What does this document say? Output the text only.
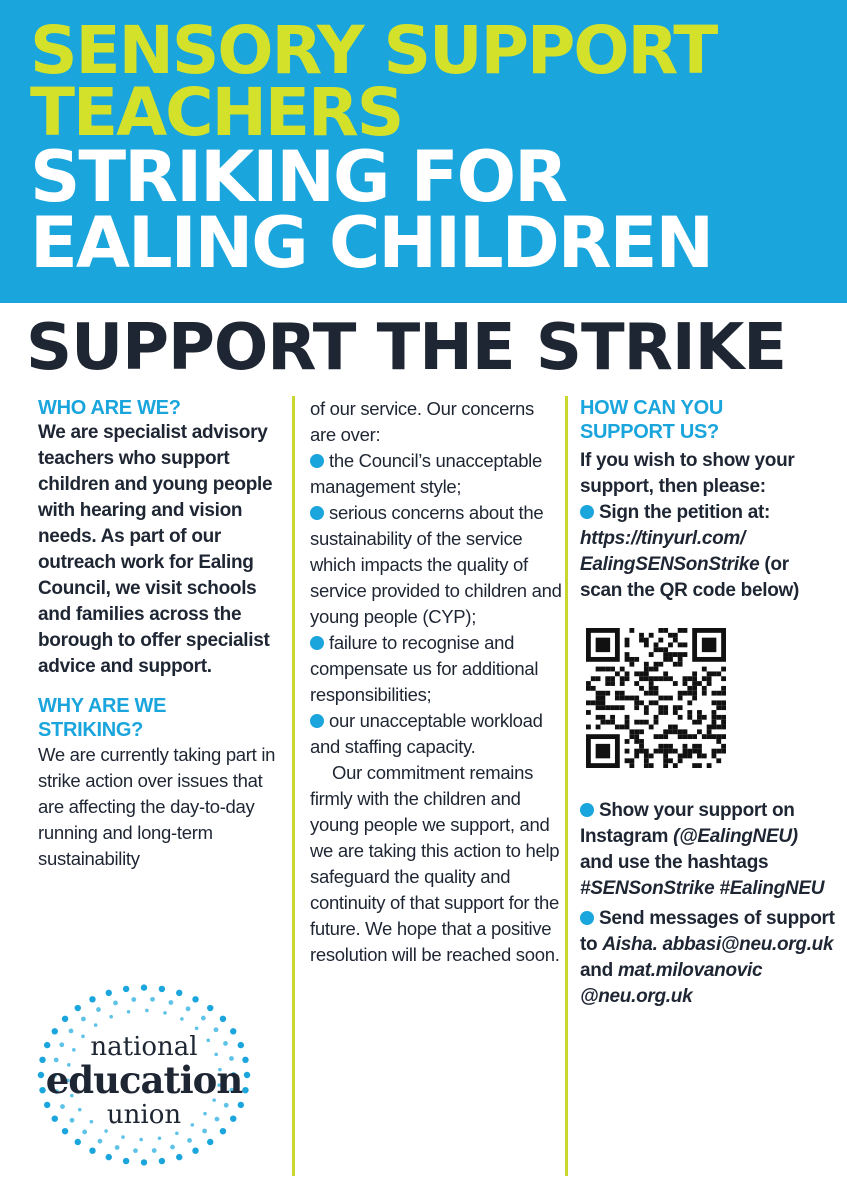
SENSORY SUPPORT
TEACHERS
STRIKING FOR
EALING CHILDREN
SUPPORT THE STRIKE
WHO ARE WE?

We are specialist advisory teachers who support children and young people with hearing and vision needs. As part of our outreach work for Ealing Council, we visit schools and families across the borough to offer specialist advice and support.

WHY ARE WE STRIKING?

We are currently taking part in strike action over issues that are affecting the day-to-day running and long-term sustainability

national
education
union

of our service. Our concerns are over:

the Council’s unacceptable management style;

serious concerns about the sustainability of the service which impacts the quality of service provided to children and young people (CYP);

failure to recognise and compensate us for additional responsibilities;

our unacceptable workload and staffing capacity.

Our commitment remains firmly with the children and young people we support, and we are taking this action to help safeguard the quality and continuity of that support for the future. We hope that a positive resolution will be reached soon.

HOW CAN YOU SUPPORT US?

If you wish to show your support, then please:

Sign the petition at: https://tinyurl.com/ EalingSENSonStrike (or scan the QR code below)

Show your support on Instagram (@EalingNEU) and use the hashtags #SENSonStrike #EalingNEU

Send messages of support to Aisha. abbasi@neu.org.uk and mat.milovanovic @neu.org.uk
